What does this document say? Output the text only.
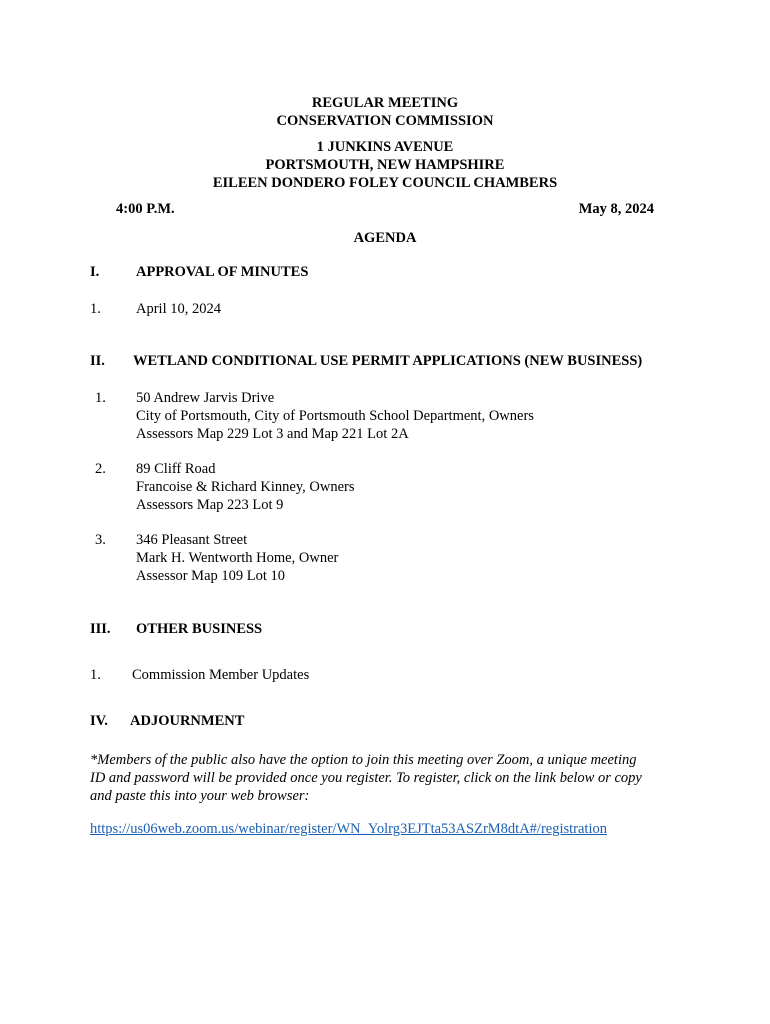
REGULAR MEETING
CONSERVATION COMMISSION
1 JUNKINS AVENUE
PORTSMOUTH, NEW HAMPSHIRE
EILEEN DONDERO FOLEY COUNCIL CHAMBERS
4:00 P.M.	May 8, 2024
AGENDA
I.	APPROVAL OF MINUTES
1. April 10, 2024
II. WETLAND CONDITIONAL USE PERMIT APPLICATIONS (NEW BUSINESS)
1. 50 Andrew Jarvis Drive
City of Portsmouth, City of Portsmouth School Department, Owners
Assessors Map 229 Lot 3 and Map 221 Lot 2A
2. 89 Cliff Road
Francoise & Richard Kinney, Owners
Assessors Map 223 Lot 9
3. 346 Pleasant Street
Mark H. Wentworth Home, Owner
Assessor Map 109 Lot 10
III. OTHER BUSINESS
1. Commission Member Updates
IV. ADJOURNMENT
*Members of the public also have the option to join this meeting over Zoom, a unique meeting
ID and password will be provided once you register. To register, click on the link below or copy
and paste this into your web browser:
https://us06web.zoom.us/webinar/register/WN_Yolrg3EJTta53ASZrM8dtA#/registration
